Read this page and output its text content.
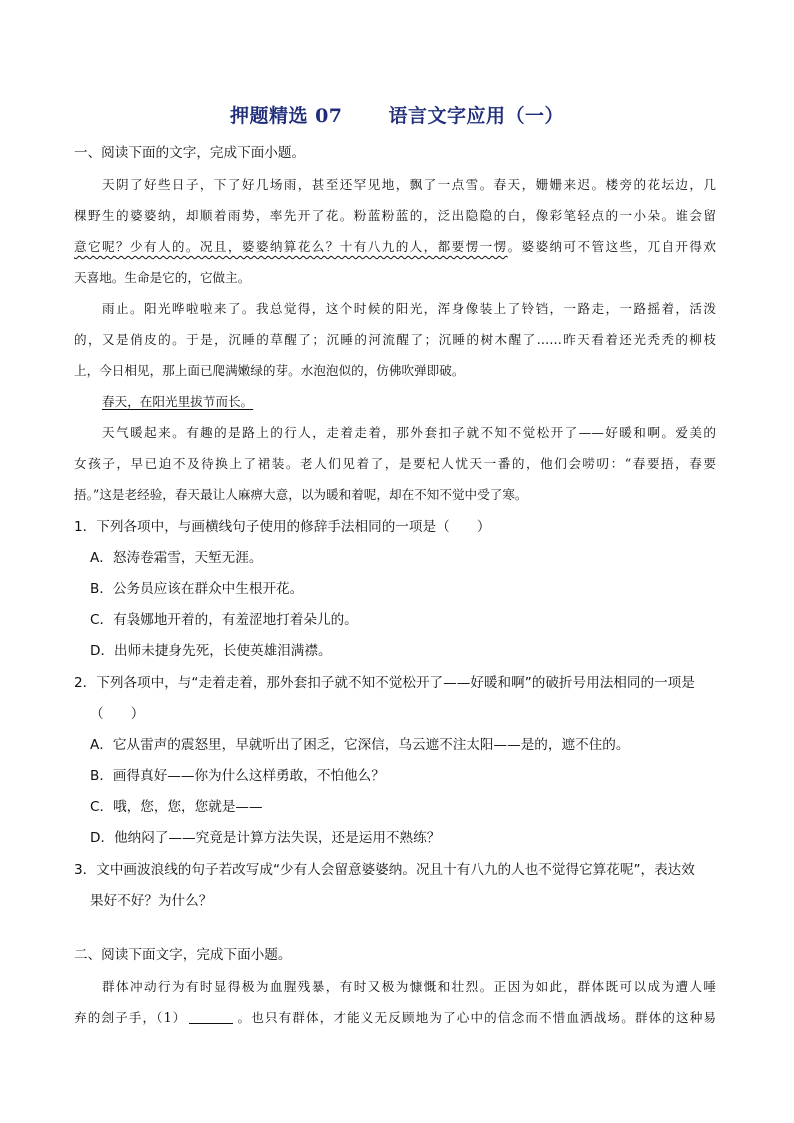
押题精选 07 语言文字应用（一）
一、阅读下面的文字，完成下面小题。
天阴了好些日子，下了好几场雨，甚至还罕见地，飘了一点雪。春天，姗姗来迟。楼旁的花坛边，几
棵野生的婆婆纳，却顺着雨势，率先开了花。粉蓝粉蓝的，泛出隐隐的白，像彩笔轻点的一小朵。谁会留
意它呢？少有人的。况且，婆婆纳算花么？十有八九的人，都要愣一愣。婆婆纳可不管这些，兀自开得欢
天喜地。生命是它的，它做主。
雨止。阳光哗啦啦来了。我总觉得，这个时候的阳光，浑身像装上了铃铛，一路走，一路摇着，活泼
的，又是俏皮的。于是，沉睡的草醒了；沉睡的河流醒了；沉睡的树木醒了……昨天看着还光秃秃的柳枝
上，今日相见，那上面已爬满嫩绿的芽。水泡泡似的，仿佛吹弹即破。
春天，在阳光里拔节而长。
天气暖起来。有趣的是路上的行人，走着走着，那外套扣子就不知不觉松开了——好暖和啊。爱美的
女孩子，早已迫不及待换上了裙装。老人们见着了，是要杞人忧天一番的，他们会唠叨：“春要捂，春要
捂。”这是老经验，春天最让人麻痹大意，以为暖和着呢，却在不知不觉中受了寒。
1．下列各项中，与画横线句子使用的修辞手法相同的一项是（　　）
A．怒涛卷霜雪，天堑无涯。
B．公务员应该在群众中生根开花。
C．有袅娜地开着的，有羞涩地打着朵儿的。
D．出师未捷身先死，长使英雄泪满襟。
2．下列各项中，与“走着走着，那外套扣子就不知不觉松开了——好暖和啊”的破折号用法相同的一项是
（　　）
A．它从雷声的震怒里，早就听出了困乏，它深信，乌云遮不注太阳——是的，遮不住的。
B．画得真好——你为什么这样勇敢，不怕他么？
C．哦，您，您，您就是——
D．他纳闷了——究竟是计算方法失误，还是运用不熟练？
3．文中画波浪线的句子若改写成“少有人会留意婆婆纳。况且十有八九的人也不觉得它算花呢”，表达效
果好不好？为什么？
二、阅读下面文字，完成下面小题。
群体冲动行为有时显得极为血腥残暴，有时又极为慷慨和壮烈。正因为如此，群体既可以成为遭人唾
弃的刽子手，（1）	。也只有群体，才能义无反顾地为了心中的信念而不惜血洒战场。群体的这种易
